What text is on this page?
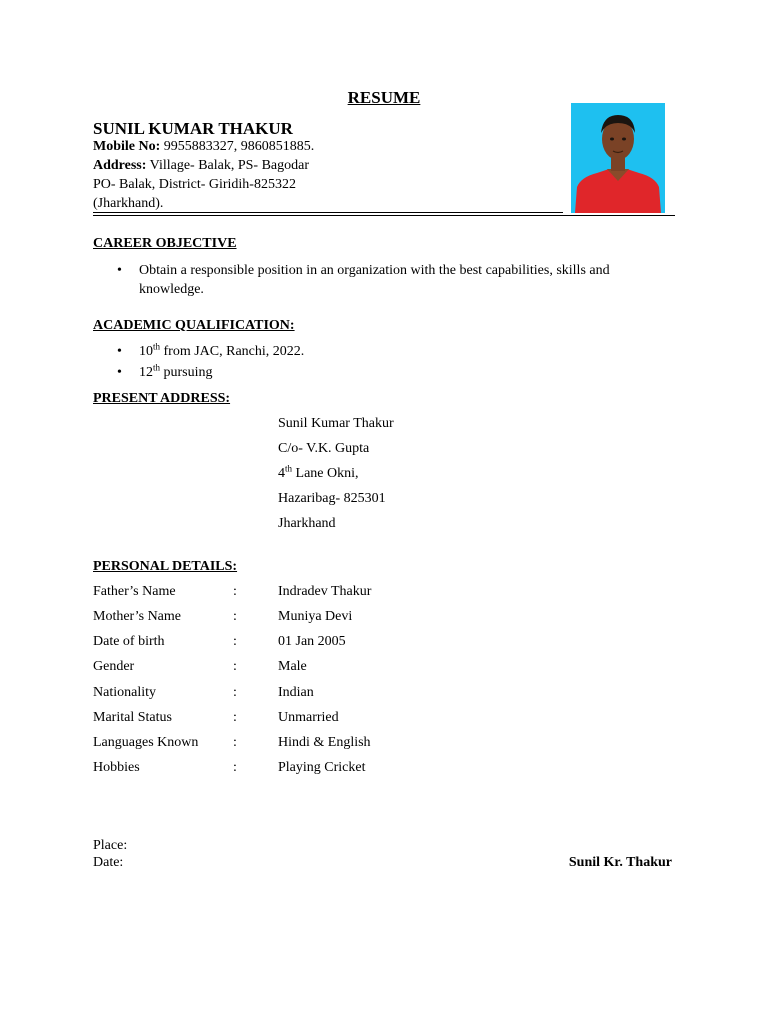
RESUME
SUNIL KUMAR THAKUR
Mobile No: 9955883327, 9860851885.
Address: Village- Balak, PS- Bagodar
PO- Balak, District- Giridih-825322
(Jharkhand).
CAREER OBJECTIVE
• Obtain a responsible position in an organization with the best capabilities, skills and
knowledge.
ACADEMIC QUALIFICATION:
• 10th from JAC, Ranchi, 2022.
• 12th pursuing
PRESENT ADDRESS:
Sunil Kumar Thakur
C/o- V.K. Gupta
4th Lane Okni,
Hazaribag- 825301
Jharkhand
PERSONAL DETAILS:
Father’s Name	:	Indradev Thakur
Mother’s Name	:	Muniya Devi
Date of birth	:	01 Jan 2005
Gender	:	Male
Nationality	:	Indian
Marital Status	:	Unmarried
Languages Known :	Hindi & English
Hobbies	:	Playing Cricket
Place:
Date:	Sunil Kr. Thakur
